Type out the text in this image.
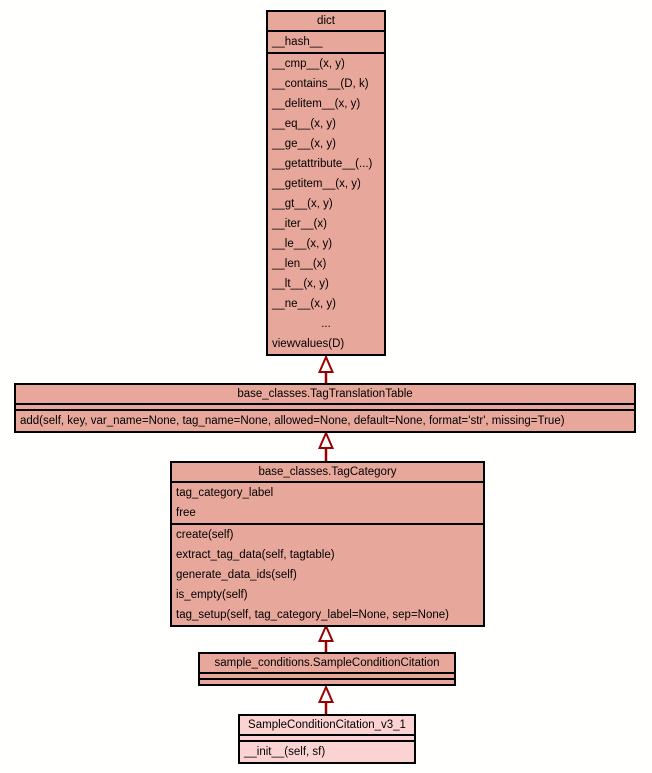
dict
__hash__
__cmp__(x, y)
__contains__(D, k)
__delitem__(x, y)
__eq__(x, y)
__ge__(x, y)
__getattribute__(...)
__getitem__(x, y)
__gt__(x, y)
__iter__(x)
__le__(x, y)
__len__(x)
__lt__(x, y)
__ne__(x, y)
...
viewvalues(D)
base_classes.TagTranslationTable
add(self, key, var_name=None, tag_name=None, allowed=None, default=None, format='str', missing=True)
base_classes.TagCategory
tag_category_label
free
create(self)
extract_tag_data(self, tagtable)
generate_data_ids(self)
is_empty(self)
tag_setup(self, tag_category_label=None, sep=None)
sample_conditions.SampleConditionCitation
SampleConditionCitation_v3_1
__init__(self, sf)
